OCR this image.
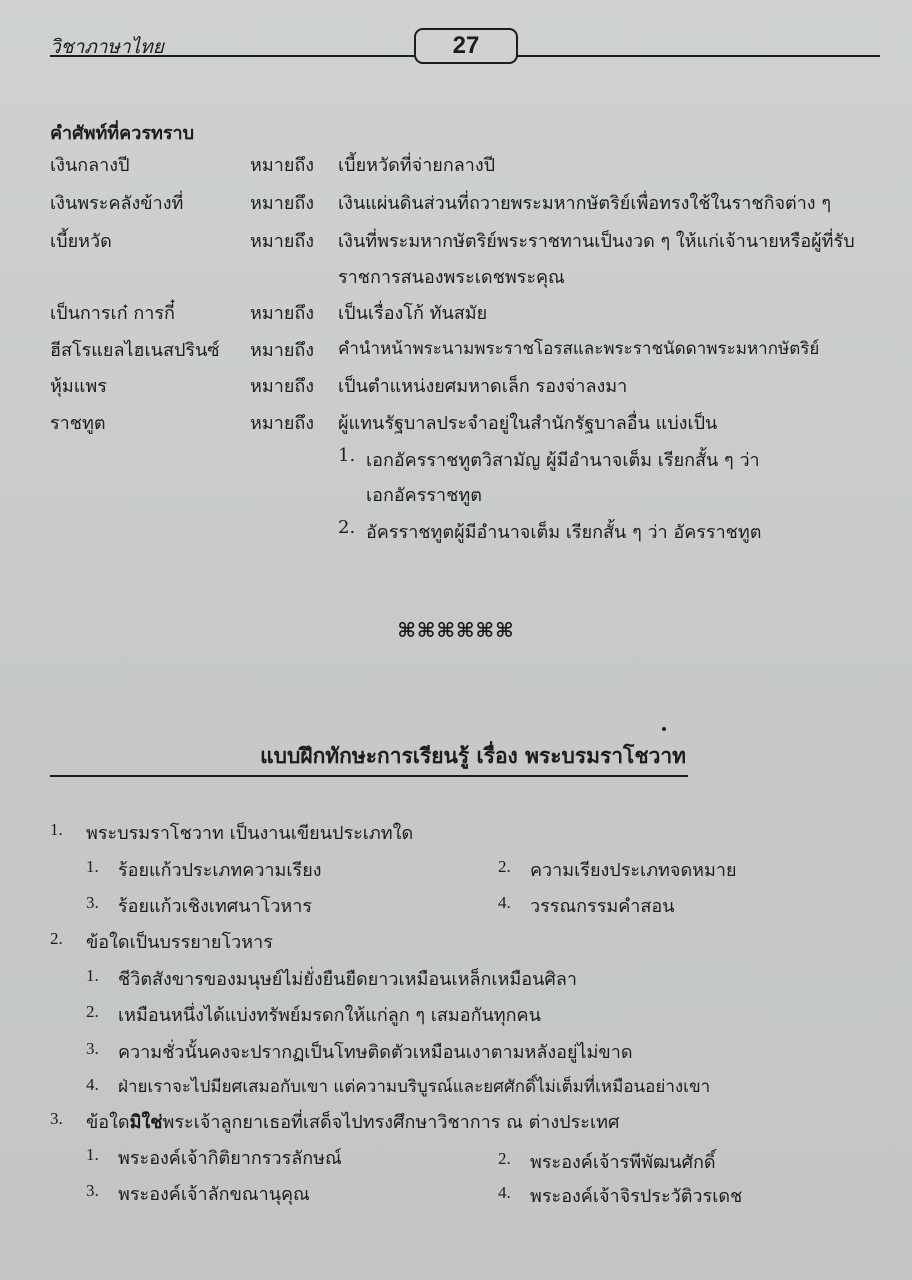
วิชาภาษาไทย	27
คำศัพท์ที่ควรทราบ
เงินกลางปี	หมายถึง เบี้ยหวัดที่จ่ายกลางปี
เงินพระคลังข้างที่	หมายถึง เงินแผ่นดินส่วนที่ถวายพระมหากษัตริย์เพื่อทรงใช้ในราชกิจต่าง ๆ
เบี้ยหวัด	หมายถึง เงินที่พระมหากษัตริย์พระราชทานเป็นงวด ๆ ให้แก่เจ้านายหรือผู้ที่รับ
ราชการสนองพระเดชพระคุณ
เป็นการเก๋ การกี๋	หมายถึง เป็นเรื่องโก้ ทันสมัย
ฮีสโรแยลไฮเนสปรินซ์ หมายถึง คำนำหน้าพระนามพระราชโอรสและพระราชนัดดาพระมหากษัตริย์
หุ้มแพร	หมายถึง เป็นตำแหน่งยศมหาดเล็ก รองจ่าลงมา
ราชทูต	หมายถึง ผู้แทนรัฐบาลประจำอยู่ในสำนักรัฐบาลอื่น แบ่งเป็น
1. เอกอัครราชทูตวิสามัญ ผู้มีอำนาจเต็ม เรียกสั้น ๆ ว่า
เอกอัครราชทูต
2. อัครราชทูตผู้มีอำนาจเต็ม เรียกสั้น ๆ ว่า อัครราชทูต
⌘⌘⌘⌘⌘⌘
แบบฝึกทักษะการเรียนรู้ เรื่อง พระบรมราโชวาท
1. พระบรมราโชวาท เป็นงานเขียนประเภทใด
1. ร้อยแก้วประเภทความเรียง	2. ความเรียงประเภทจดหมาย
3. ร้อยแก้วเชิงเทศนาโวหาร	4. วรรณกรรมคำสอน
2. ข้อใดเป็นบรรยายโวหาร
1. ชีวิตสังขารของมนุษย์ไม่ยั่งยืนยืดยาวเหมือนเหล็กเหมือนศิลา
2. เหมือนหนึ่งได้แบ่งทรัพย์มรดกให้แก่ลูก ๆ เสมอกันทุกคน
3. ความชั่วนั้นคงจะปรากฏเป็นโทษติดตัวเหมือนเงาตามหลังอยู่ไม่ขาด
4. ฝ่ายเราจะไปมียศเสมอกับเขา แต่ความบริบูรณ์และยศศักดิ์ไม่เต็มที่เหมือนอย่างเขา
3. ข้อใดมิใช่พระเจ้าลูกยาเธอที่เสด็จไปทรงศึกษาวิชาการ ณ ต่างประเทศ
1. พระองค์เจ้ากิติยากรวรลักษณ์	2. พระองค์เจ้ารพีพัฒนศักดิ์
3. พระองค์เจ้าลักขณานุคุณ	4. พระองค์เจ้าจิรประวัติวรเดช
